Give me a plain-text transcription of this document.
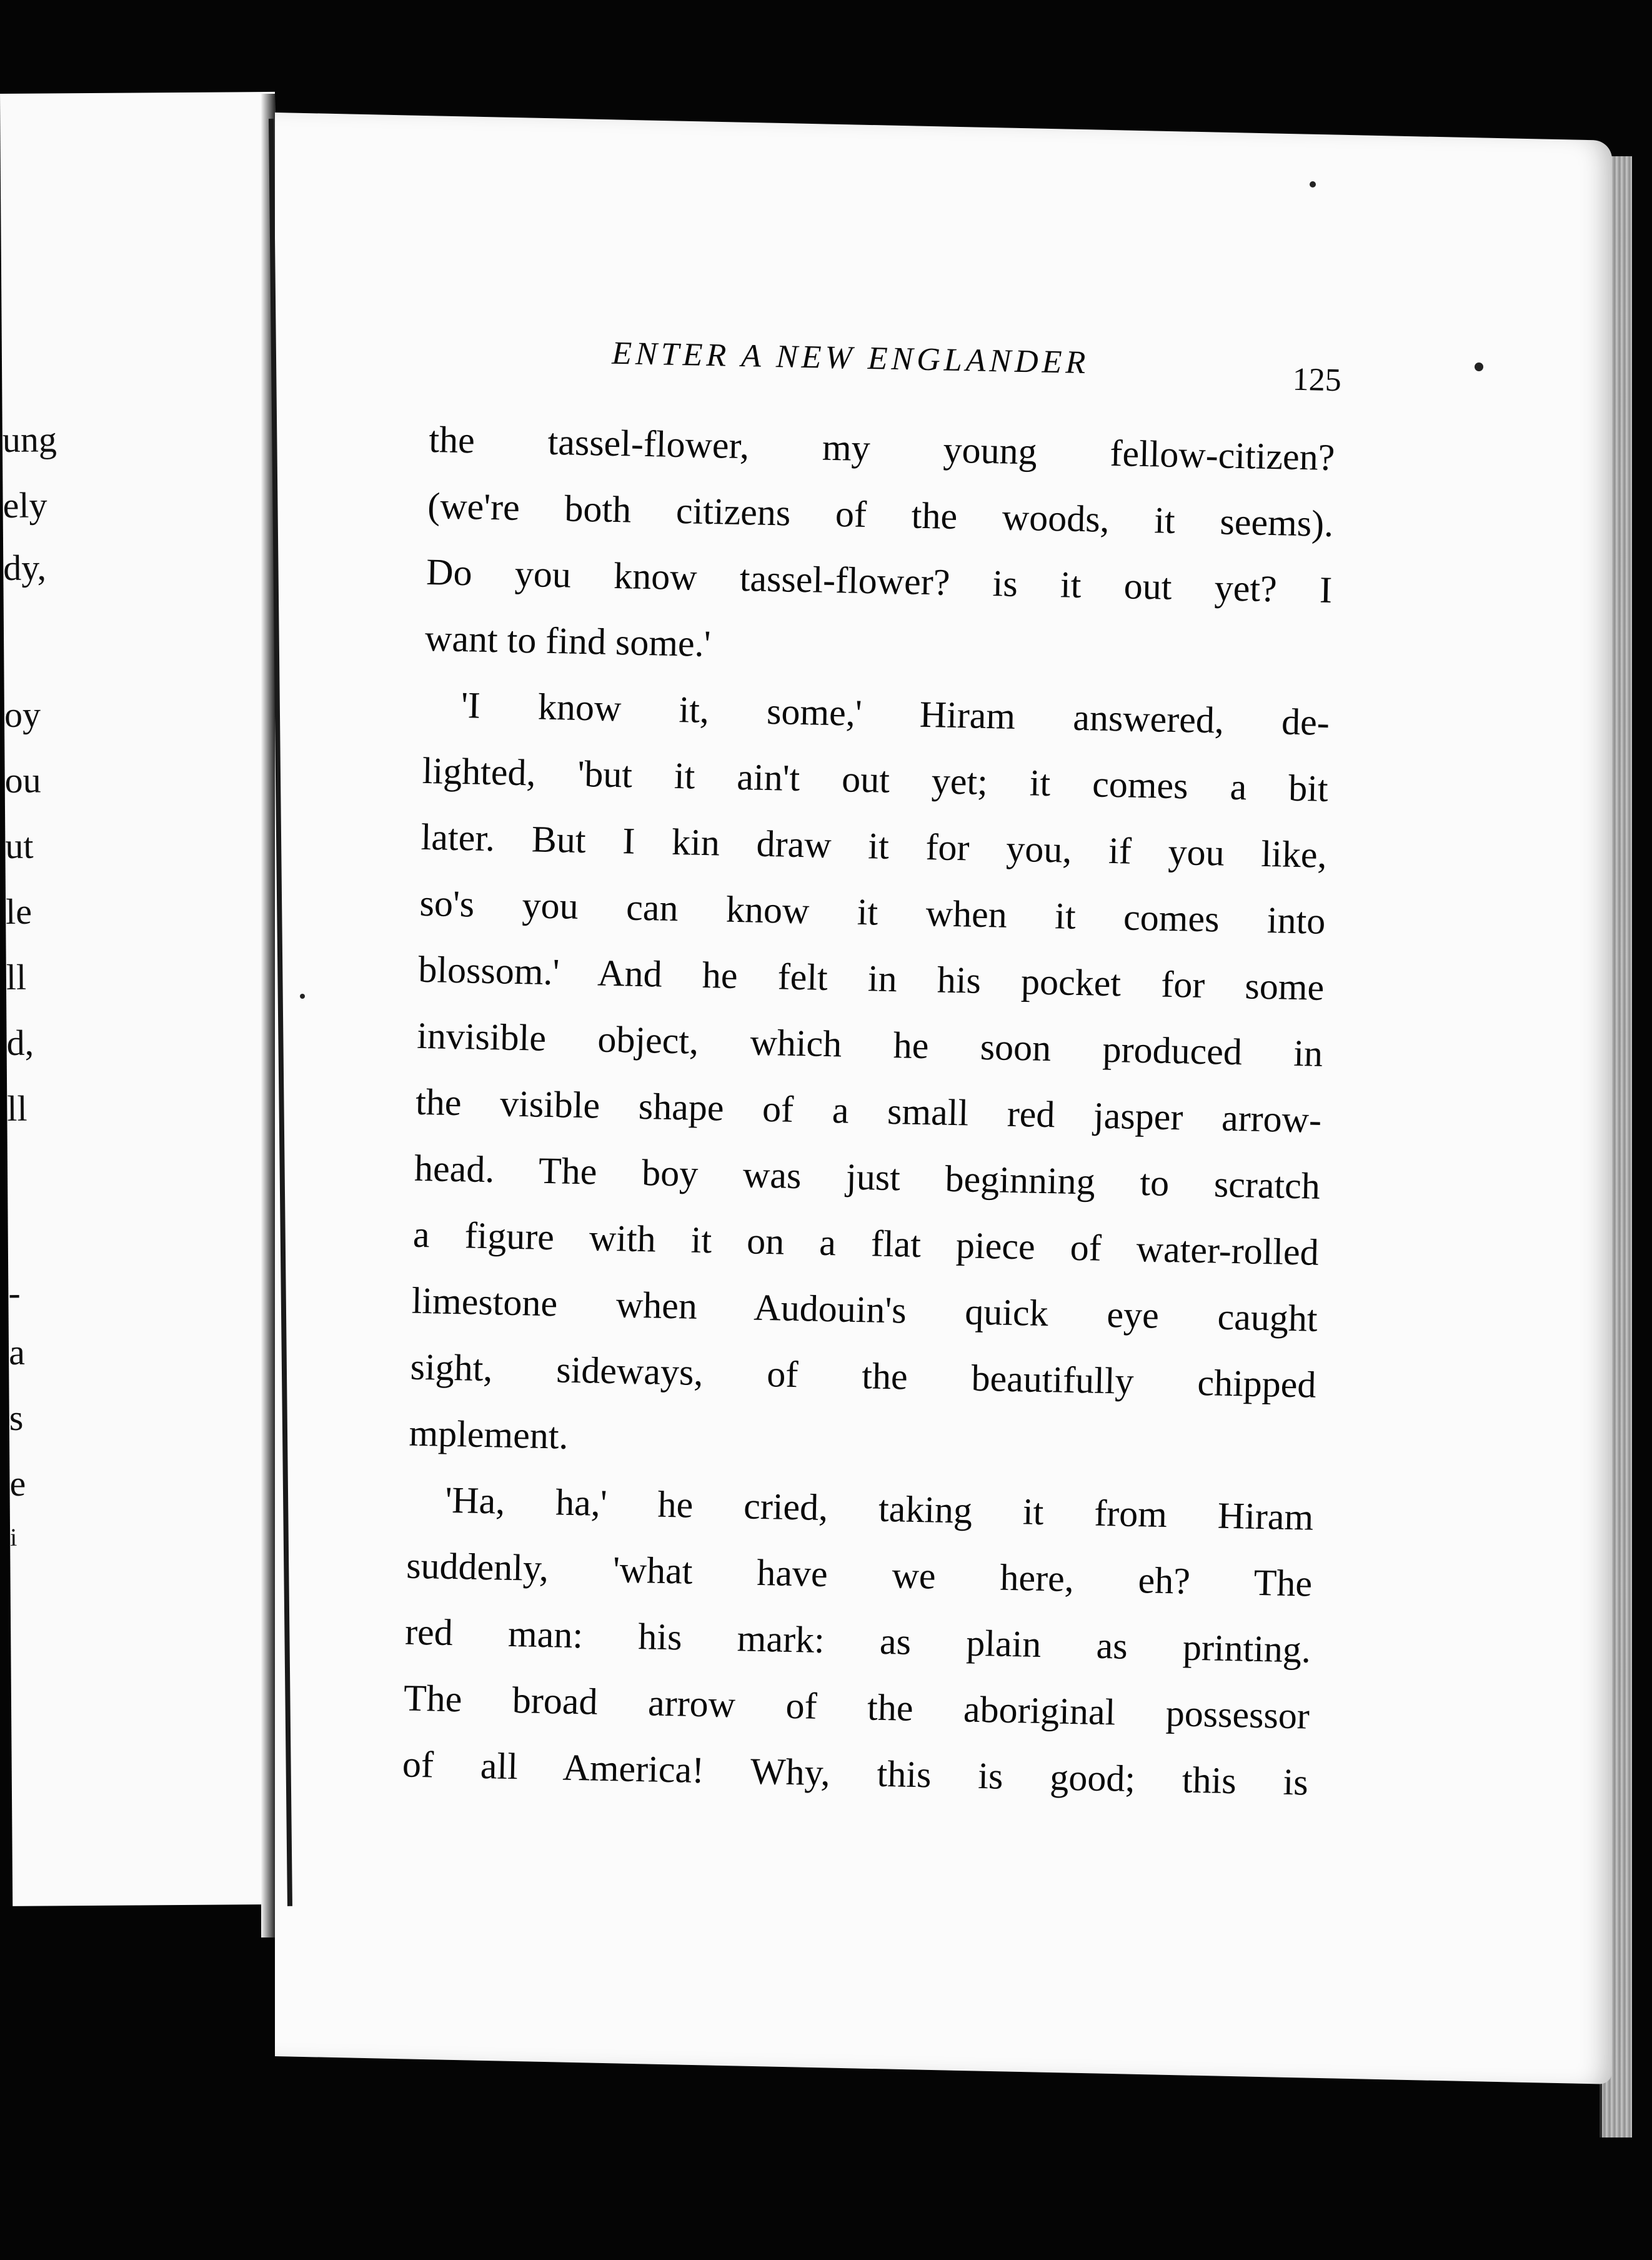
ung
ely
dy,
oy
ou
ut
le
ll
d,
ll
-
a
s
e
i
ENTER A NEW ENGLANDER	125
the tassel-flower, my young fellow-citizen?
(we're both citizens of the woods, it seems).
Do you know tassel-flower? is it out yet? I
want to find some.'
'I know it, some,' Hiram answered, de-
lighted, 'but it ain't out yet; it comes a bit
later. But I kin draw it for you, if you like,
so's you can know it when it comes into
blossom.' And he felt in his pocket for some
invisible object, which he soon produced in
the visible shape of a small red jasper arrow-
head. The boy was just beginning to scratch
a figure with it on a flat piece of water-rolled
limestone when Audouin's quick eye caught
sight, sideways, of the beautifully chipped
mplement.
'Ha, ha,' he cried, taking it from Hiram
suddenly, 'what have we here, eh? The
red man: his mark: as plain as printing.
The broad arrow of the aboriginal possessor
of all America! Why, this is good; this is
